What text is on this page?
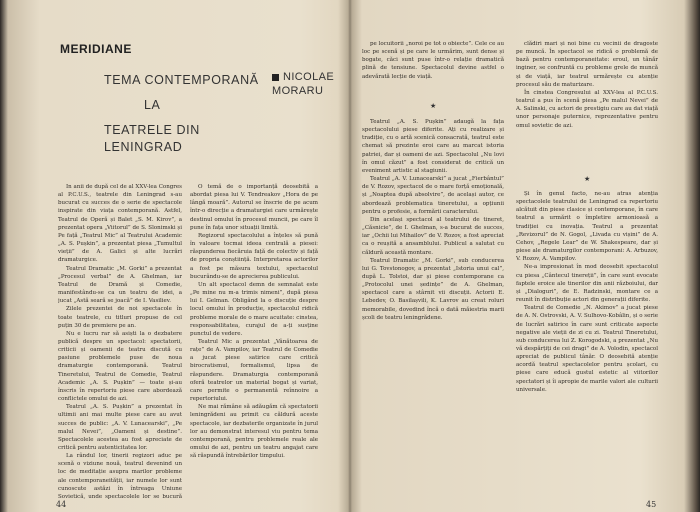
MERIDIANE
TEMA CONTEMPORANĂ
LA
TEATRELE DIN LENINGRAD
NICOLAE
MORARU

In anii de după cel de al XXV-lea Congres al P.C.U.S., teatrele din Leningrad s-au bucurat cu succes de o serie de spectacole inspirate din viața contemporană. Astfel, Teatrul de Operă și Balet „S. M. Kirov”, a prezentat opera „Viitorul” de S. Slonimski și Pe față „Teatrul Mic” al Teatrului Academic „A. S. Pușkin”, a prezentat piesa „Tumultul vieții” de A. Galici și alte lucrări dramaturgice.

Teatrul Dramatic „M. Gorki” a prezentat „Procesul verbal” de A. Ghelman, iar Teatrul de Dramă și Comedie, manifestându-se ca un teatru de idei, a jucat „Astă seară se joacă” de I. Vasiliev.

Zilele prezentei de noi spectacole în toate teatrele, cu titluri propuse de cel puțin 30 de premiere pe an.

Nu e lucru rar să asiști la o dezbatere publică despre un spectacol: spectatorii, criticii și oamenii de teatru discută cu pasiune problemele puse de noua dramaturgie contemporană. Teatrul Tineretului, Teatrul de Comedie, Teatrul Academic „A. S. Pușkin” — toate și-au înscris în repertoriu piese care abordează conflictele omului de azi.

Teatrul „A. S. Pușkin” a prezentat în ultimii ani mai multe piese care au avut succes de public: „A. V. Lunacearski”, „Pe malul Nevei”, „Oameni și destine”. Spectacolele acestea au fost apreciate de critică pentru autenticitatea lor.

La rândul lor, tinerii regizori aduc pe scenă o viziune nouă, teatrul devenind un loc de meditație asupra marilor probleme ale contemporaneității, iar numele lor sunt cunoscute astăzi în întreaga Uniune Sovietică, unde spectacolele lor se bucură

O temă de o importanță deosebită a abordat piesa lui V. Tendreakov „Hora de pe lângă moară”. Autorul se înscrie de pe acum într-o direcție a dramaturgiei care urmărește destinul omului în procesul muncii, pe care îl pune în fața unor situații limită.

Regizorul spectacolului a înțeles să pună în valoare tocmai ideea centrală a piesei: răspunderea fiecăruia față de colectiv și față de propria conștiință. Interpretarea actorilor a fost pe măsura textului, spectacolul bucurându-se de aprecierea publicului.

Un alt spectacol demn de semnalat este „Pe mine nu m-a trimis nimeni”, după piesa lui I. Gelman. Obligând la o discuție despre locul omului în producție, spectacolul ridică probleme morale de o mare acuitate: cinstea, responsabilitatea, curajul de a-ți susține punctul de vedere.

Teatrul Mic a prezentat „Vânătoarea de rațe” de A. Vampilov, iar Teatrul de Comedie a jucat piese satirice care critică birocratismul, formalismul, lipsa de răspundere. Dramaturgia contemporană oferă teatrelor un material bogat și variat, care permite o permanentă reînnoire a repertoriului.

Ne mai rămâne să adăugăm că spectatorii leningrădeni au primit cu căldură aceste spectacole, iar dezbaterile organizate în jurul lor au demonstrat interesul viu pentru tema contemporană, pentru problemele reale ale omului de azi, pentru un teatru angajat care să răspundă întrebărilor timpului.

44

pe locuitorii „noroi pe tot o obiecte”. Cele ce au loc pe scenă și pe care le urmărim, sunt dense și bogate, căci sunt puse într-o relație dramatică plină de tensiune. Spectacolul devine astfel o adevărată lecție de viață.

★

Teatrul „A. S. Pușkin” adaugă la fața spectacolului piese diferite. Ați cu realizare și tradiție, cu o artă scenică consacrată, teatrul este chemat să prezinte eroi care au marcat istoria patriei, dar și oameni de azi. Spectacolul „Nu lovi în omul căzut” a fost considerat de critică un eveniment artistic al stagiunii.

Teatrul „A. V. Lunacearski” a jucat „Fierbântul” de V. Rozov, spectacol de o mare forță emoțională, și „Noaptea după absolvire”, de același autor, ce abordează problematica tineretului, a opțiunii pentru o profesie, a formării caracterului.

Din același spectacol al teatrului de tineret, „Căsnicie”, de I. Ghelman, s-a bucurat de succes, iar „Ochii lui Mihailov” de V. Rozov, a fost apreciat ca o reușită a ansamblului. Publicul a salutat cu căldură această montare.

Teatrul Dramatic „M. Gorki”, sub conducerea lui G. Tovstonogov, a prezentat „Istoria unui cal”, după L. Tolstoi, dar și piese contemporane ca „Protocolul unei ședințe” de A. Ghelman, spectacol care a stârnit vii discuții. Actorii E. Lebedev, O. Basilașvili, K. Lavrov au creat roluri memorabile, dovedind încă o dată măiestria marii școli de teatru leningrădene.

clădiri mari și noi bine cu vecinii de dragoste pe muncă. În spectacol se ridică o problemă de bază pentru contemporaneitate: eroul, un tânăr inginer, se confruntă cu probleme grele de muncă și de viață, iar teatrul urmărește cu atenție procesul său de maturizare.

În cinstea Congresului al XXV-lea al P.C.U.S. teatrul a pus în scenă piesa „Pe malul Nevei” de A. Salinski, cu actori de prestigiu care au dat viață unor personaje puternice, reprezentative pentru omul sovietic de azi.

★

Și în genul facto, ne-au atras atenția spectacolele teatrului de Leningrad ca repertoriu alcătuit din piese clasice și contemporane, în care teatrul a urmărit o împletire armonioasă a tradiției cu inovația. Teatrul a prezentat „Revizorul” de N. Gogol, „Livada cu vișini” de A. Cehov, „Regele Lear” de W. Shakespeare, dar și piese ale dramaturgilor contemporani: A. Arbuzov, V. Rozov, A. Vampilov.

Ne-a impresionat în mod deosebit spectacolul cu piesa „Cântecul tinereții”, în care sunt evocate faptele eroice ale tinerilor din anii războiului, dar și „Dialoguri”, de E. Radzinski, montare ce a reunit în distribuție actori din generații diferite.

Teatrul de Comedie „N. Akimov” a jucat piese de A. N. Ostrovski, A. V. Sulhovo-Kobâlin, și o serie de lucrări satirice în care sunt criticate aspecte negative ale vieții de zi cu zi. Teatrul Tineretului, sub conducerea lui Z. Korogodski, a prezentat „Nu vă despărțiți de cei dragi” de A. Volodin, spectacol apreciat de publicul tânăr. O deosebită atenție acordă teatrul spectacolelor pentru școlari, cu piese care educă gustul estetic al viitorilor spectatori și îi apropie de marile valori ale culturii universale.

45
